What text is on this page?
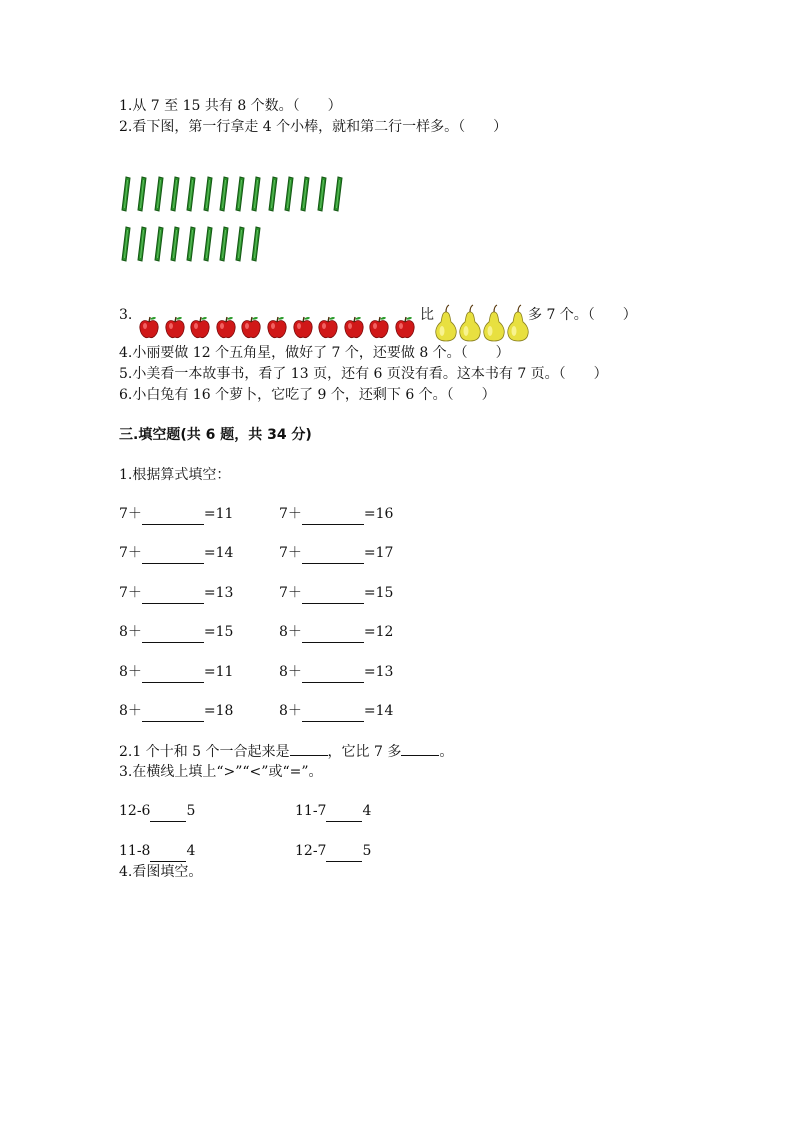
1.从 7 至 15 共有 8 个数。（　　）
2.看下图，第一行拿走 4 个小棒，就和第二行一样多。（　　）
3.	比	多 7 个。（　　）
4.小丽要做 12 个五角星，做好了 7 个，还要做 8 个。（　　）
5.小美看一本故事书，看了 13 页，还有 6 页没有看。这本书有 7 页。（　　）
6.小白兔有 16 个萝卜，它吃了 9 个，还剩下 6 个。（　　）
三.填空题(共 6 题，共 34 分)
1.根据算式填空：
7＋	=11	7＋	=16
7＋	=14	7＋	=17
7＋	=13	7＋	=15
8＋	=15	8＋	=12
8＋	=11	8＋	=13
8＋	=18	8＋	=14
2.1 个十和 5 个一合起来是	，它比 7 多	。
3.在横线上填上“>”“<”或“=”。
12-6	5	11-7	4
11-8	4	12-7	5
4.看图填空。
